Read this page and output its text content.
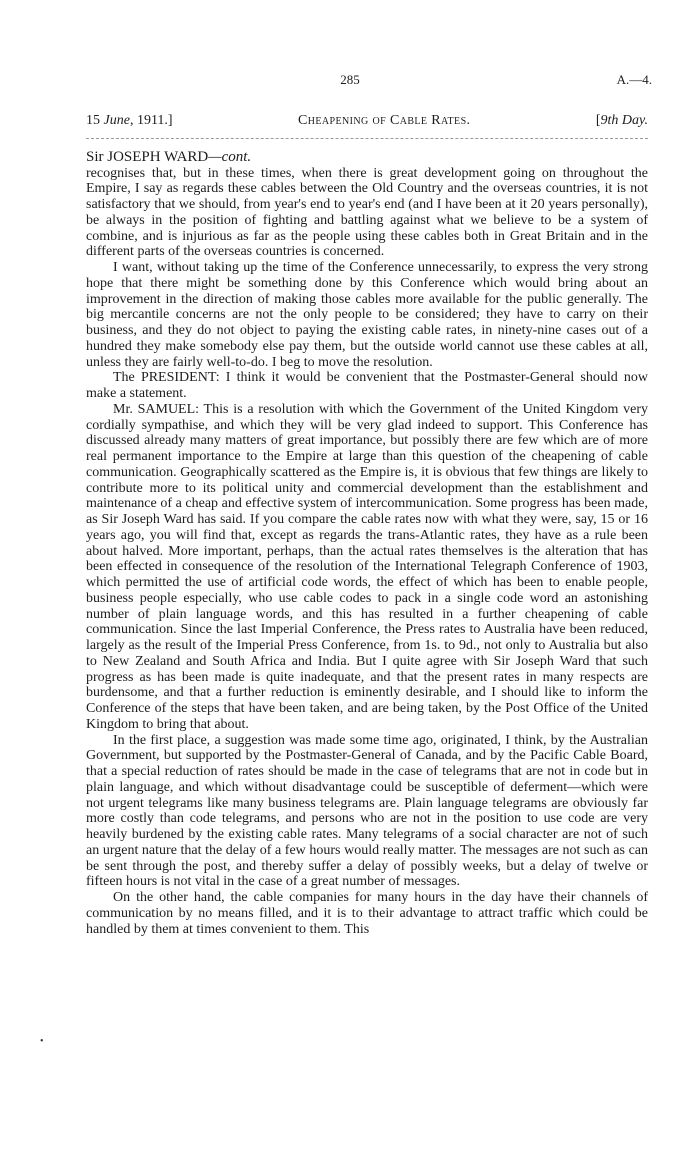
285	A.—4.
15 June, 1911.]	Cheapening of Cable Rates.	[9th Day.
Sir JOSEPH WARD—cont.

recognises that, but in these times, when there is great development going on throughout the Empire, I say as regards these cables between the Old Country and the overseas countries, it is not satisfactory that we should, from year's end to year's end (and I have been at it 20 years personally), be always in the position of fighting and battling against what we believe to be a system of combine, and is injurious as far as the people using these cables both in Great Britain and in the different parts of the overseas countries is concerned.

I want, without taking up the time of the Conference unnecessarily, to express the very strong hope that there might be something done by this Conference which would bring about an improvement in the direction of making those cables more available for the public generally. The big mercantile concerns are not the only people to be considered; they have to carry on their business, and they do not object to paying the existing cable rates, in ninety-nine cases out of a hundred they make somebody else pay them, but the outside world cannot use these cables at all, unless they are fairly well-to-do. I beg to move the resolution.

The PRESIDENT: I think it would be convenient that the Postmaster-General should now make a statement.

Mr. SAMUEL: This is a resolution with which the Government of the United Kingdom very cordially sympathise, and which they will be very glad indeed to support. This Conference has discussed already many matters of great importance, but possibly there are few which are of more real permanent importance to the Empire at large than this question of the cheapening of cable communication. Geographically scattered as the Empire is, it is obvious that few things are likely to contribute more to its political unity and commercial development than the establishment and maintenance of a cheap and effective system of intercommunication. Some progress has been made, as Sir Joseph Ward has said. If you compare the cable rates now with what they were, say, 15 or 16 years ago, you will find that, except as regards the trans-Atlantic rates, they have as a rule been about halved. More important, perhaps, than the actual rates themselves is the alteration that has been effected in consequence of the resolution of the International Telegraph Conference of 1903, which permitted the use of artificial code words, the effect of which has been to enable people, business people especially, who use cable codes to pack in a single code word an astonishing number of plain language words, and this has resulted in a further cheapening of cable communication. Since the last Imperial Conference, the Press rates to Australia have been reduced, largely as the result of the Imperial Press Conference, from 1s. to 9d., not only to Australia but also to New Zealand and South Africa and India. But I quite agree with Sir Joseph Ward that such progress as has been made is quite inadequate, and that the present rates in many respects are burdensome, and that a further reduction is eminently desirable, and I should like to inform the Conference of the steps that have been taken, and are being taken, by the Post Office of the United Kingdom to bring that about.

In the first place, a suggestion was made some time ago, originated, I think, by the Australian Government, but supported by the Postmaster-General of Canada, and by the Pacific Cable Board, that a special reduction of rates should be made in the case of telegrams that are not in code but in plain language, and which without disadvantage could be susceptible of deferment—which were not urgent telegrams like many business telegrams are. Plain language telegrams are obviously far more costly than code telegrams, and persons who are not in the position to use code are very heavily burdened by the existing cable rates. Many telegrams of a social character are not of such an urgent nature that the delay of a few hours would really matter. The messages are not such as can be sent through the post, and thereby suffer a delay of possibly weeks, but a delay of twelve or fifteen hours is not vital in the case of a great number of messages.

On the other hand, the cable companies for many hours in the day have their channels of communication by no means filled, and it is to their advantage to attract traffic which could be handled by them at times convenient to them. This

•
